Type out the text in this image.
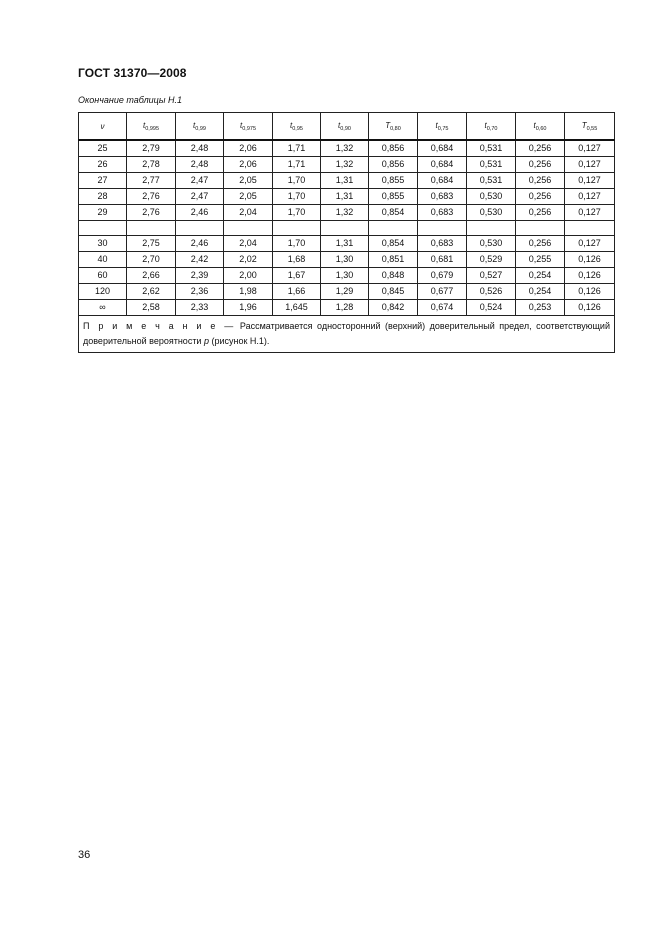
ГОСТ 31370—2008
Окончание таблицы Н.1
ν	$t_{0,995}$	$t_{0,99}$	$t_{0,975}$	$t_{0,95}$	$t_{0,90}$	$T_{0,80}$	$t_{0,75}$	$t_{0,70}$	$t_{0,60}$	$T_{0,55}$
25	2,79	2,48	2,06	1,71	1,32	0,856	0,684	0,531	0,256	0,127
26	2,78	2,48	2,06	1,71	1,32	0,856	0,684	0,531	0,256	0,127
27	2,77	2,47	2,05	1,70	1,31	0,855	0,684	0,531	0,256	0,127
28	2,76	2,47	2,05	1,70	1,31	0,855	0,683	0,530	0,256	0,127
29	2,76	2,46	2,04	1,70	1,32	0,854	0,683	0,530	0,256	0,127

30	2,75	2,46	2,04	1,70	1,31	0,854	0,683	0,530	0,256	0,127
40	2,70	2,42	2,02	1,68	1,30	0,851	0,681	0,529	0,255	0,126
60	2,66	2,39	2,00	1,67	1,30	0,848	0,679	0,527	0,254	0,126
120	2,62	2,36	1,98	1,66	1,29	0,845	0,677	0,526	0,254	0,126
∞	2,58	2,33	1,96	1,645	1,28	0,842	0,674	0,524	0,253	0,126
П р и м е ч а н и е — Рассматривается односторонний (верхний) доверительный предел, соответствующий доверительной вероятности p (рисунок Н.1).										
36
